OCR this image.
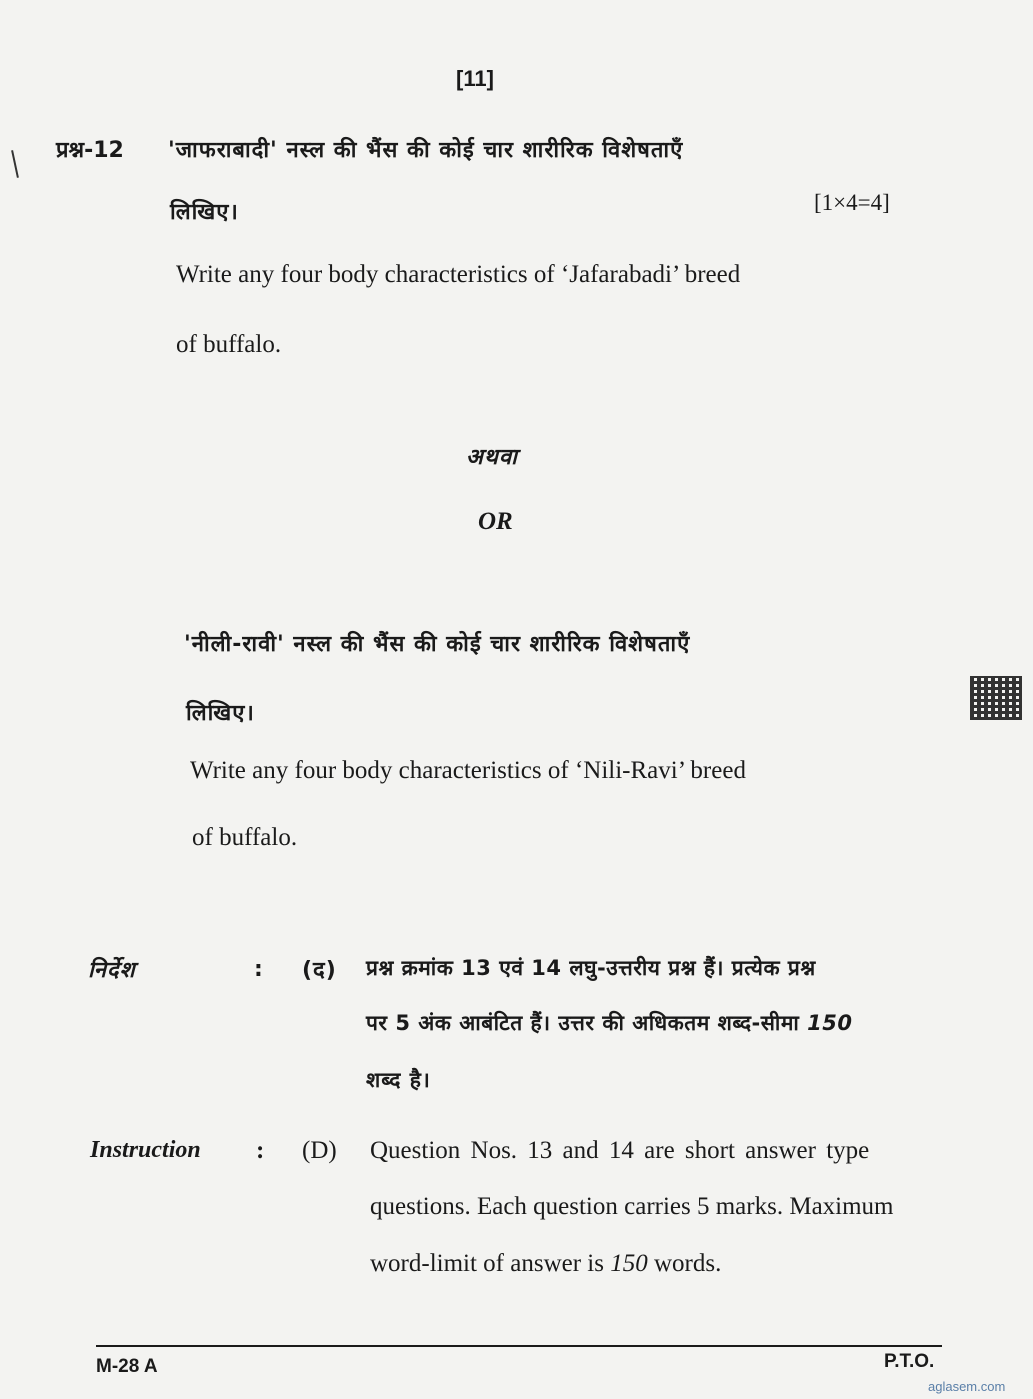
[11]
प्रश्न-12 'जाफराबादी' नस्ल की भैंस की कोई चार शारीरिक विशेषताएँ
लिखिए।	[1×4=4]
Write any four body characteristics of ‘Jafarabadi’ breed
of buffalo.
अथवा
OR
'नीली-रावी' नस्ल की भैंस की कोई चार शारीरिक विशेषताएँ
लिखिए।
Write any four body characteristics of ‘Nili-Ravi’ breed
of buffalo.
निर्देश	: (द) प्रश्न क्रमांक 13 एवं 14 लघु-उत्तरीय प्रश्न हैं। प्रत्येक प्रश्न
पर 5 अंक आबंटित हैं। उत्तर की अधिकतम शब्द-सीमा 150
शब्द है।
Instruction : (D) Question Nos. 13 and 14 are short answer type
questions. Each question carries 5 marks. Maximum
word-limit of answer is 150 words.
M-28 A	P.T.O.
aglasem.com
